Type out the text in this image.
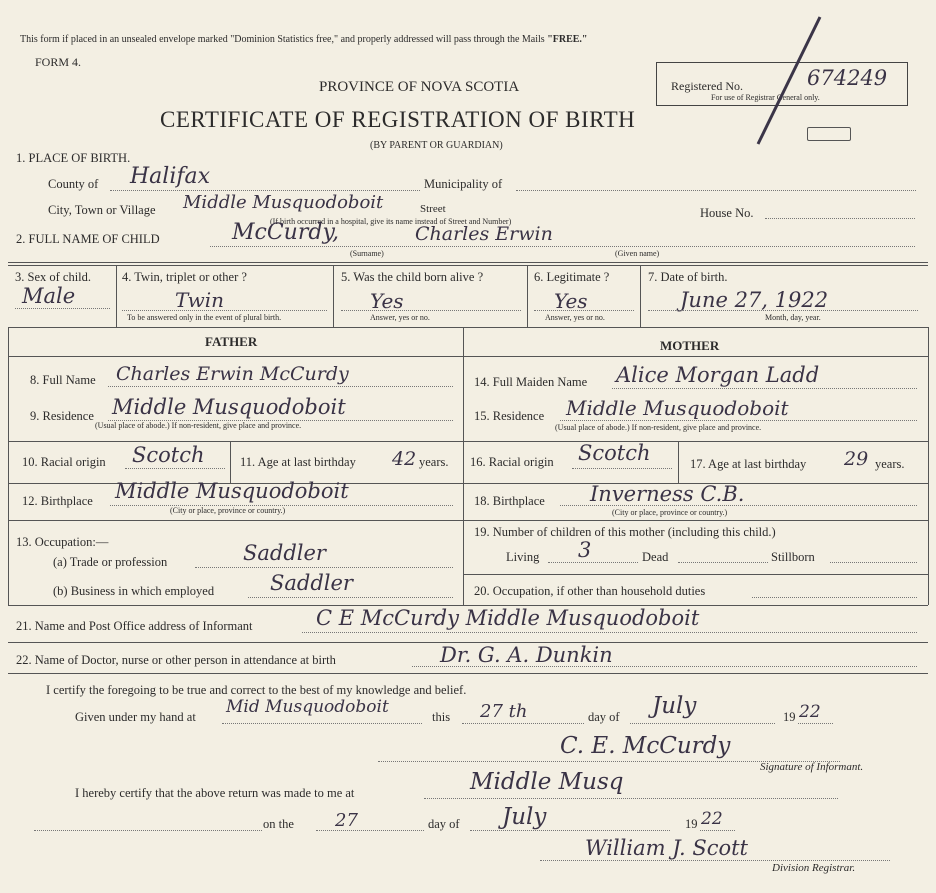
This form if placed in an unsealed envelope marked "Dominion Statistics free," and properly addressed will pass through the Mails "FREE."
FORM 4.
PROVINCE OF NOVA SCOTIA
CERTIFICATE OF REGISTRATION OF BIRTH
(BY PARENT OR GUARDIAN)
Registered No.	674249
For use of Registrar General only.
1. PLACE OF BIRTH.
County of Halifax	Municipality of
City, Town or Village Middle Musquodoboit	Street
(If birth occurred in a hospital, give its name instead of Street and Number)
House No.
2. FULL NAME OF CHILD	McCurdy,	Charles Erwin
(Surname)	(Given name)
3. Sex of child.
Male
4. Twin, triplet or other ?
Twin
To be answered only in the event of plural birth.
5. Was the child born alive ?
Yes
Answer, yes or no.
6. Legitimate ?
Yes
Answer, yes or no.
7. Date of birth.
June 27, 1922
Month, day, year.
FATHER	MOTHER
8. Full Name Charles Erwin McCurdy	14. Full Maiden Name Alice Morgan Ladd
9. Residence Middle Musquodoboit
(Usual place of abode.) If non-resident, give place and province.
15. Residence Middle Musquodoboit
(Usual place of abode.) If non-resident, give place and province.
10. Racial origin Scotch	11. Age at last birthday 42 years. 16. Racial origin Scotch	17. Age at last birthday 29 years.
12. Birthplace Middle Musquodoboit
(City or place, province or country.)
18. Birthplace Inverness C.B.
(City or place, province or country.)
13. Occupation:—
(a) Trade or profession	Saddler
(b) Business in which employed	Saddler
19. Number of children of this mother (including this child.)
Living 3	Dead	Stillborn
20. Occupation, if other than household duties
21. Name and Post Office address of Informant	C E McCurdy Middle Musquodoboit
22. Name of Doctor, nurse or other person in attendance at birth	Dr. G. A. Dunkin
I certify the foregoing to be true and correct to the best of my knowledge and belief.
Given under my hand at Mid Musquodoboit	this 27 th	day of July	19 22
C. E. McCurdy
Signature of Informant.
I hereby certify that the above return was made to me at	Middle Musq
on the 27	day of July	19 22
William J. Scott
Division Registrar.
